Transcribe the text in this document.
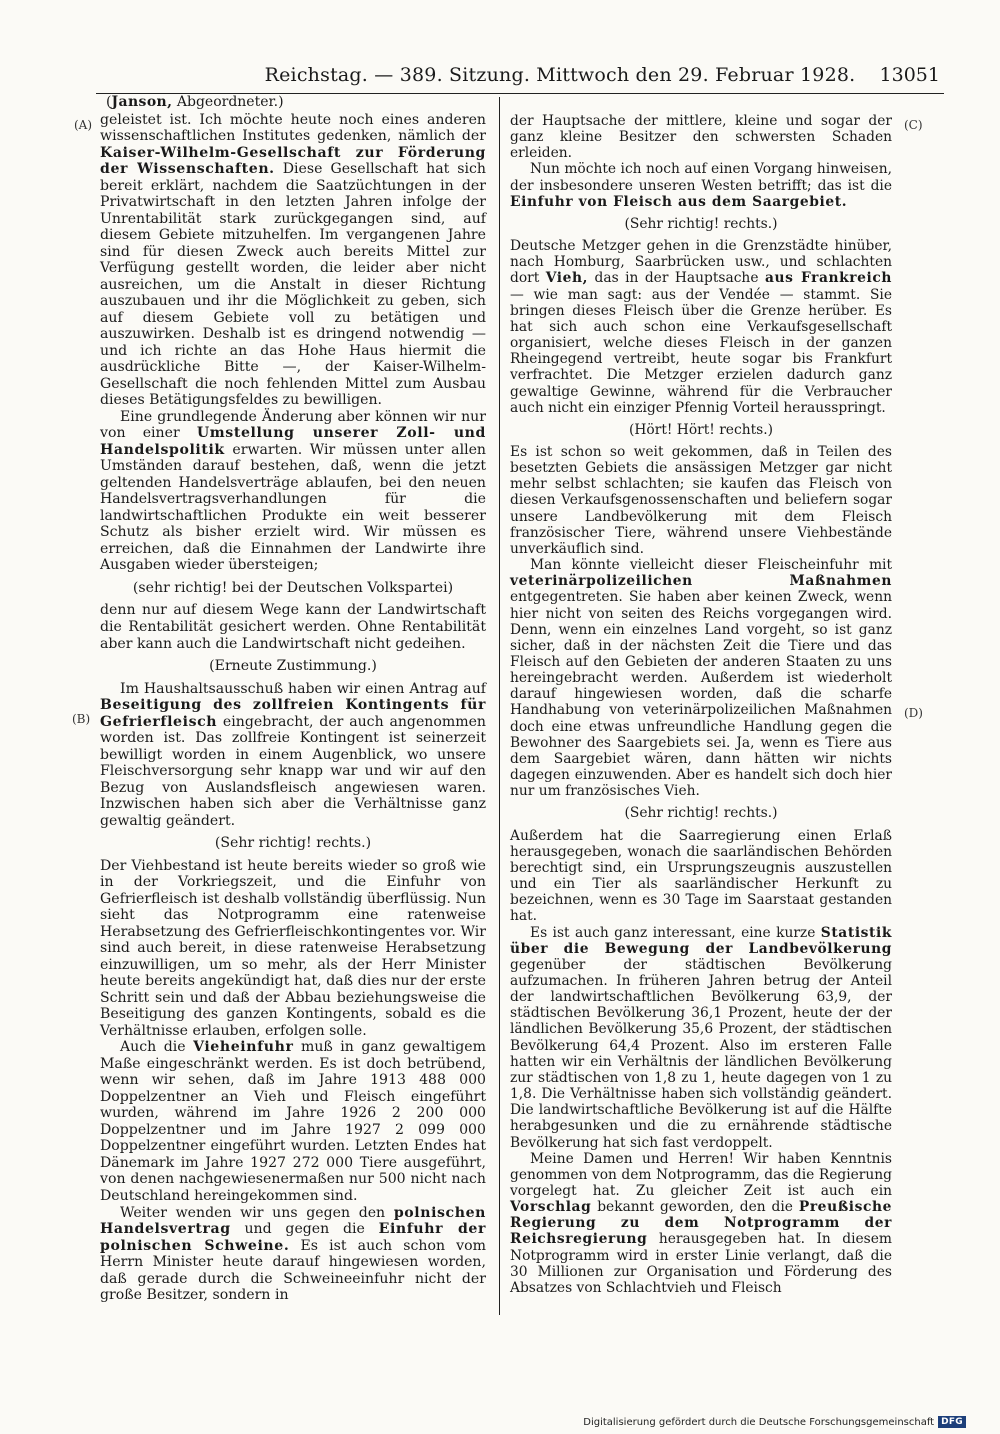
Reichstag. — 389. Sitzung. Mittwoch den 29. Februar 1928. 13051
(A)
(B)
(C)
(D)
(Janson, Abgeordneter.)

geleistet ist. Ich möchte heute noch eines anderen wissenschaftlichen Institutes gedenken, nämlich der Kaiser-Wilhelm-Gesellschaft zur Förderung der Wissenschaften. Diese Gesellschaft hat sich bereit erklärt, nachdem die Saatzüchtungen in der Privatwirtschaft in den letzten Jahren infolge der Unrentabilität stark zurückgegangen sind, auf diesem Gebiete mitzuhelfen. Im vergangenen Jahre sind für diesen Zweck auch bereits Mittel zur Verfügung gestellt worden, die leider aber nicht ausreichen, um die Anstalt in dieser Richtung auszubauen und ihr die Möglichkeit zu geben, sich auf diesem Gebiete voll zu betätigen und auszuwirken. Deshalb ist es dringend notwendig — und ich richte an das Hohe Haus hiermit die ausdrückliche Bitte —, der Kaiser-Wilhelm-Gesellschaft die noch fehlenden Mittel zum Ausbau dieses Betätigungsfeldes zu bewilligen.

Eine grundlegende Änderung aber können wir nur von einer Umstellung unserer Zoll- und Handelspolitik erwarten. Wir müssen unter allen Umständen darauf bestehen, daß, wenn die jetzt geltenden Handelsverträge ablaufen, bei den neuen Handelsvertragsverhandlungen für die landwirtschaftlichen Produkte ein weit besserer Schutz als bisher erzielt wird. Wir müssen es erreichen, daß die Einnahmen der Landwirte ihre Ausgaben wieder übersteigen;

(sehr richtig! bei der Deutschen Volkspartei)

denn nur auf diesem Wege kann der Landwirtschaft die Rentabilität gesichert werden. Ohne Rentabilität aber kann auch die Landwirtschaft nicht gedeihen.

(Erneute Zustimmung.)

Im Haushaltsausschuß haben wir einen Antrag auf Beseitigung des zollfreien Kontingents für Gefrierfleisch eingebracht, der auch angenommen worden ist. Das zollfreie Kontingent ist seinerzeit bewilligt worden in einem Augenblick, wo unsere Fleischversorgung sehr knapp war und wir auf den Bezug von Auslandsfleisch angewiesen waren. Inzwischen haben sich aber die Verhältnisse ganz gewaltig geändert.

(Sehr richtig! rechts.)

Der Viehbestand ist heute bereits wieder so groß wie in der Vorkriegszeit, und die Einfuhr von Gefrierfleisch ist deshalb vollständig überflüssig. Nun sieht das Notprogramm eine ratenweise Herabsetzung des Gefrierfleischkontingentes vor. Wir sind auch bereit, in diese ratenweise Herabsetzung einzuwilligen, um so mehr, als der Herr Minister heute bereits angekündigt hat, daß dies nur der erste Schritt sein und daß der Abbau beziehungsweise die Beseitigung des ganzen Kontingents, sobald es die Verhältnisse erlauben, erfolgen solle.

Auch die Vieheinfuhr muß in ganz gewaltigem Maße eingeschränkt werden. Es ist doch betrübend, wenn wir sehen, daß im Jahre 1913 488 000 Doppelzentner an Vieh und Fleisch eingeführt wurden, während im Jahre 1926 2 200 000 Doppelzentner und im Jahre 1927 2 099 000 Doppelzentner eingeführt wurden. Letzten Endes hat Dänemark im Jahre 1927 272 000 Tiere ausgeführt, von denen nachgewiesenermaßen nur 500 nicht nach Deutschland hereingekommen sind.

Weiter wenden wir uns gegen den polnischen Handelsvertrag und gegen die Einfuhr der polnischen Schweine. Es ist auch schon vom Herrn Minister heute darauf hingewiesen worden, daß gerade durch die Schweineeinfuhr nicht der große Besitzer, sondern in

der Hauptsache der mittlere, kleine und sogar der ganz kleine Besitzer den schwersten Schaden erleiden.

Nun möchte ich noch auf einen Vorgang hinweisen, der insbesondere unseren Westen betrifft; das ist die Einfuhr von Fleisch aus dem Saargebiet.

(Sehr richtig! rechts.)

Deutsche Metzger gehen in die Grenzstädte hinüber, nach Homburg, Saarbrücken usw., und schlachten dort Vieh, das in der Hauptsache aus Frankreich — wie man sagt: aus der Vendée — stammt. Sie bringen dieses Fleisch über die Grenze herüber. Es hat sich auch schon eine Verkaufsgesellschaft organisiert, welche dieses Fleisch in der ganzen Rheingegend vertreibt, heute sogar bis Frankfurt verfrachtet. Die Metzger erzielen dadurch ganz gewaltige Gewinne, während für die Verbraucher auch nicht ein einziger Pfennig Vorteil herausspringt.

(Hört! Hört! rechts.)

Es ist schon so weit gekommen, daß in Teilen des besetzten Gebiets die ansässigen Metzger gar nicht mehr selbst schlachten; sie kaufen das Fleisch von diesen Verkaufsgenossenschaften und beliefern sogar unsere Landbevölkerung mit dem Fleisch französischer Tiere, während unsere Viehbestände unverkäuflich sind.

Man könnte vielleicht dieser Fleischeinfuhr mit veterinärpolizeilichen Maßnahmen entgegentreten. Sie haben aber keinen Zweck, wenn hier nicht von seiten des Reichs vorgegangen wird. Denn, wenn ein einzelnes Land vorgeht, so ist ganz sicher, daß in der nächsten Zeit die Tiere und das Fleisch auf den Gebieten der anderen Staaten zu uns hereingebracht werden. Außerdem ist wiederholt darauf hingewiesen worden, daß die scharfe Handhabung von veterinärpolizeilichen Maßnahmen doch eine etwas unfreundliche Handlung gegen die Bewohner des Saargebiets sei. Ja, wenn es Tiere aus dem Saargebiet wären, dann hätten wir nichts dagegen einzuwenden. Aber es handelt sich doch hier nur um französisches Vieh.

(Sehr richtig! rechts.)

Außerdem hat die Saarregierung einen Erlaß herausgegeben, wonach die saarländischen Behörden berechtigt sind, ein Ursprungszeugnis auszustellen und ein Tier als saarländischer Herkunft zu bezeichnen, wenn es 30 Tage im Saarstaat gestanden hat.

Es ist auch ganz interessant, eine kurze Statistik über die Bewegung der Landbevölkerung gegenüber der städtischen Bevölkerung aufzumachen. In früheren Jahren betrug der Anteil der landwirtschaftlichen Bevölkerung 63,9, der städtischen Bevölkerung 36,1 Prozent, heute der der ländlichen Bevölkerung 35,6 Prozent, der städtischen Bevölkerung 64,4 Prozent. Also im ersteren Falle hatten wir ein Verhältnis der ländlichen Bevölkerung zur städtischen von 1,8 zu 1, heute dagegen von 1 zu 1,8. Die Verhältnisse haben sich vollständig geändert. Die landwirtschaftliche Bevölkerung ist auf die Hälfte herabgesunken und die zu ernährende städtische Bevölkerung hat sich fast verdoppelt.

Meine Damen und Herren! Wir haben Kenntnis genommen von dem Notprogramm, das die Regierung vorgelegt hat. Zu gleicher Zeit ist auch ein Vorschlag bekannt geworden, den die Preußische Regierung zu dem Notprogramm der Reichsregierung herausgegeben hat. In diesem Notprogramm wird in erster Linie verlangt, daß die 30 Millionen zur Organisation und Förderung des Absatzes von Schlachtvieh und Fleisch

Digitalisierung gefördert durch die Deutsche Forschungsgemeinschaft DFG
